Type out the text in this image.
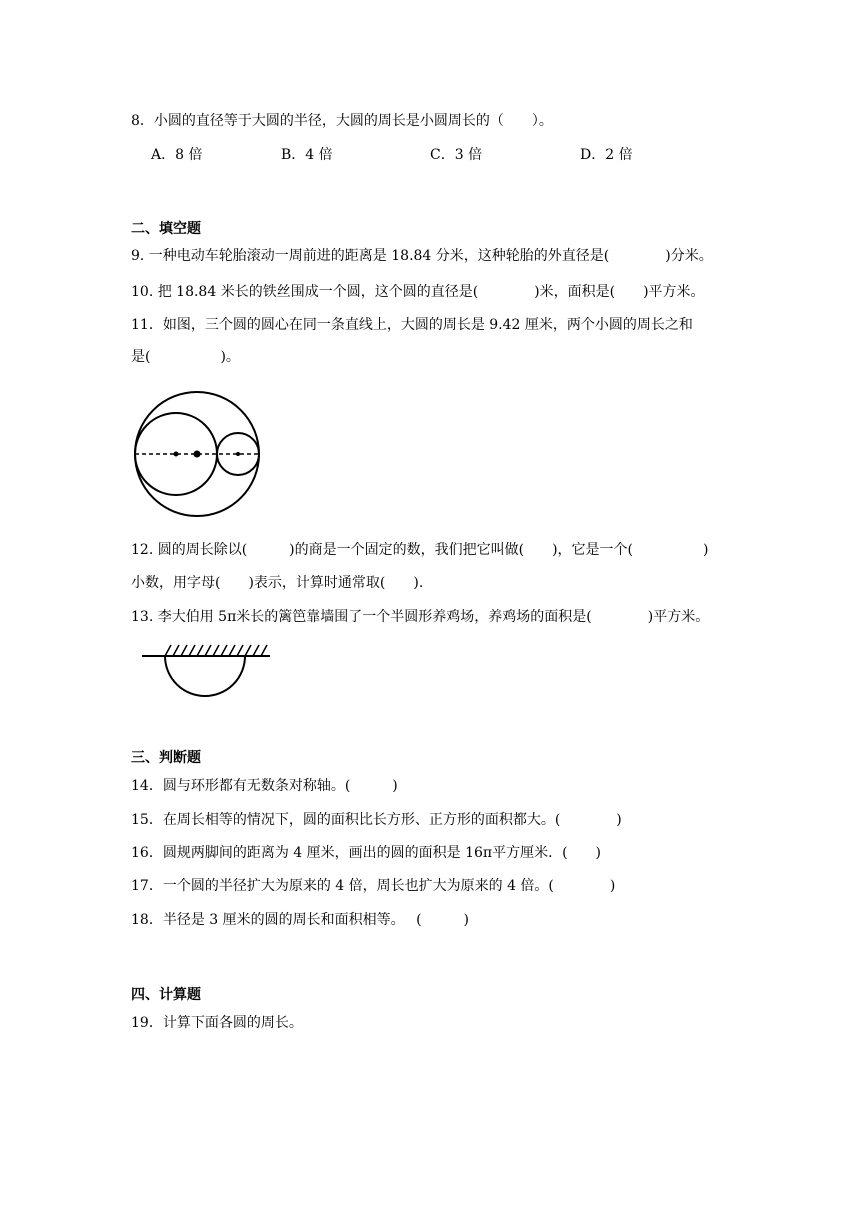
8．小圆的直径等于大圆的半径，大圆的周长是小圆周长的（　　）。
A．8 倍	B．4 倍	C．3 倍	D．2 倍
二、填空题
9. 一种电动车轮胎滚动一周前进的距离是 18.84 分米，这种轮胎的外直径是(　　　　)分米。
10. 把 18.84 米长的铁丝围成一个圆，这个圆的直径是(　　　　)米，面积是(　　)平方米。
11．如图，三个圆的圆心在同一条直线上，大圆的周长是 9.42 厘米，两个小圆的周长之和
是(　　　　　)。
12. 圆的周长除以(　　　)的商是一个固定的数，我们把它叫做(　　)，它是一个(　　　　　)
小数，用字母(　　)表示，计算时通常取(　　).
13. 李大伯用 5π米长的篱笆靠墙围了一个半圆形养鸡场，养鸡场的面积是(　　　　)平方米。
三、判断题
14．圆与环形都有无数条对称轴。(　　　)
15．在周长相等的情况下，圆的面积比长方形、正方形的面积都大。(　　　　)
16．圆规两脚间的距离为 4 厘米，画出的圆的面积是 16π平方厘米．(　　)
17．一个圆的半径扩大为原来的 4 倍，周长也扩大为原来的 4 倍。(　　　　)
18．半径是 3 厘米的圆的周长和面积相等。　 (　　　)
四、计算题
19．计算下面各圆的周长。
